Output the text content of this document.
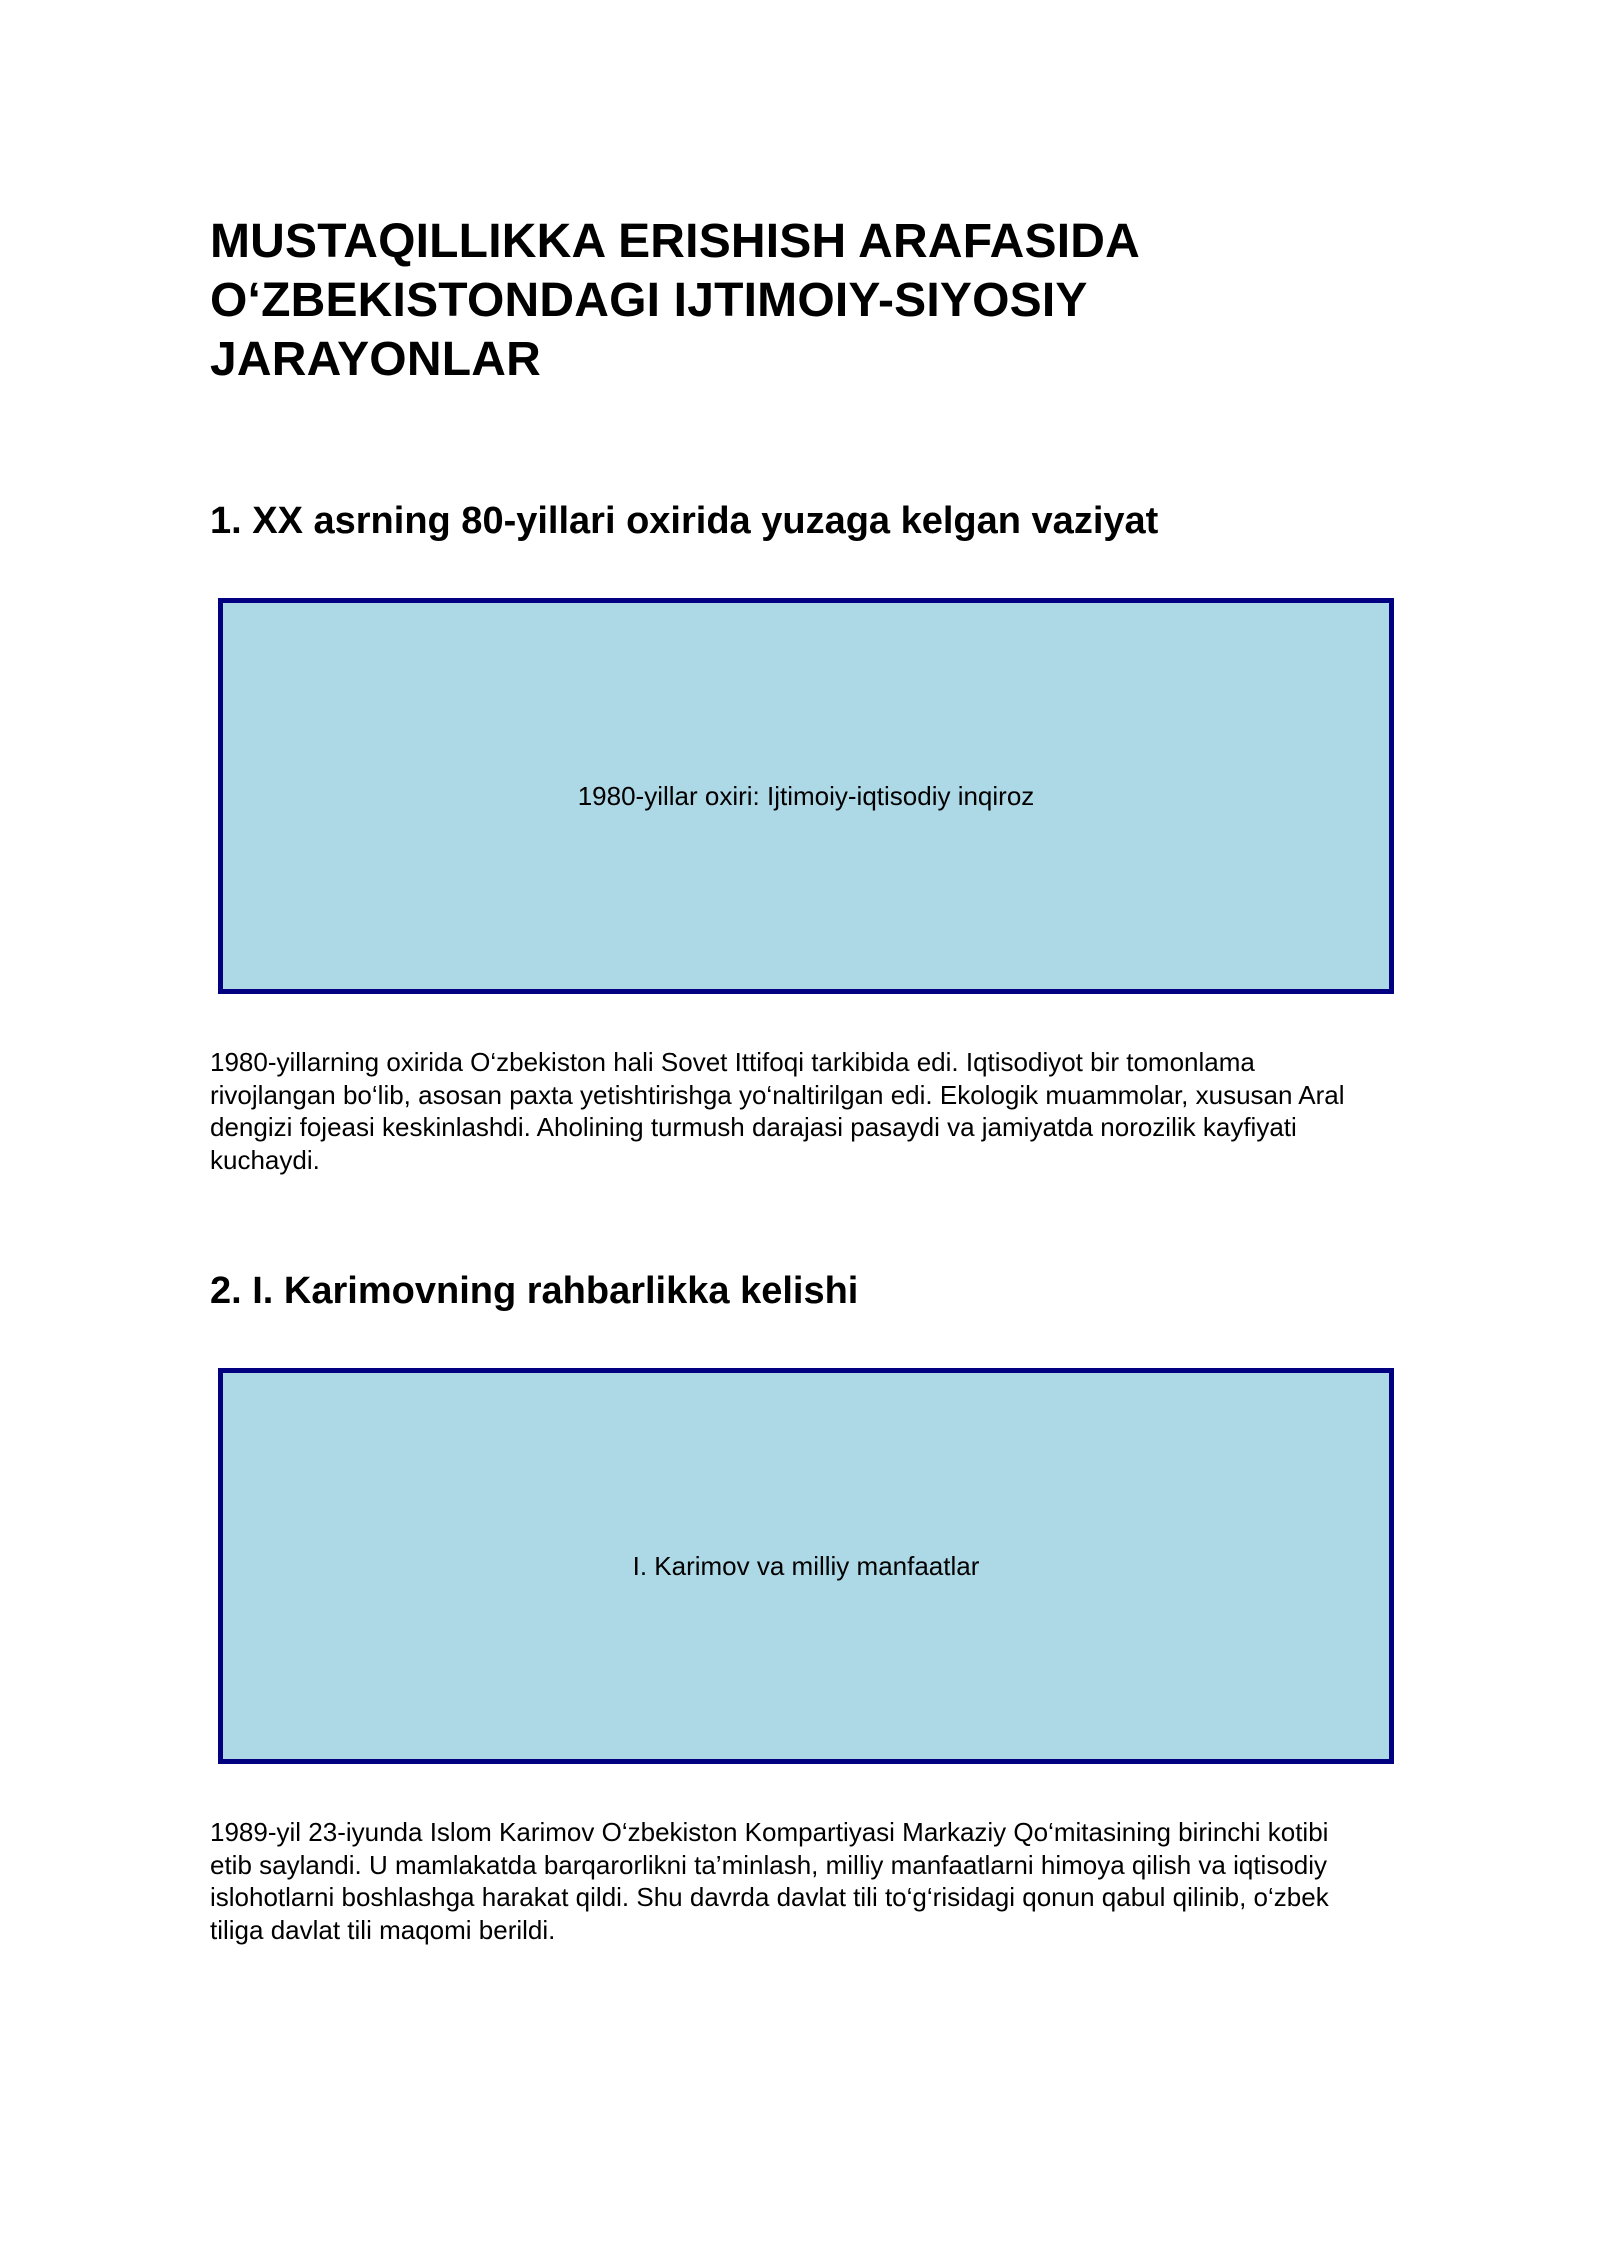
MUSTAQILLIKKA ERISHISH ARAFASIDA
O‘ZBEKISTONDAGI IJTIMOIY-SIYOSIY
JARAYONLAR
1. XX asrning 80-yillari oxirida yuzaga kelgan vaziyat
1980-yillar oxiri: Ijtimoiy-iqtisodiy inqiroz

1980-yillarning oxirida O‘zbekiston hali Sovet Ittifoqi tarkibida edi. Iqtisodiyot bir tomonlama
rivojlangan bo‘lib, asosan paxta yetishtirishga yo‘naltirilgan edi. Ekologik muammolar, xususan Aral
dengizi fojeasi keskinlashdi. Aholining turmush darajasi pasaydi va jamiyatda norozilik kayfiyati
kuchaydi.

2. I. Karimovning rahbarlikka kelishi
I. Karimov va milliy manfaatlar

1989-yil 23-iyunda Islom Karimov O‘zbekiston Kompartiyasi Markaziy Qo‘mitasining birinchi kotibi
etib saylandi. U mamlakatda barqarorlikni ta’minlash, milliy manfaatlarni himoya qilish va iqtisodiy
islohotlarni boshlashga harakat qildi. Shu davrda davlat tili to‘g‘risidagi qonun qabul qilinib, o‘zbek
tiliga davlat tili maqomi berildi.
